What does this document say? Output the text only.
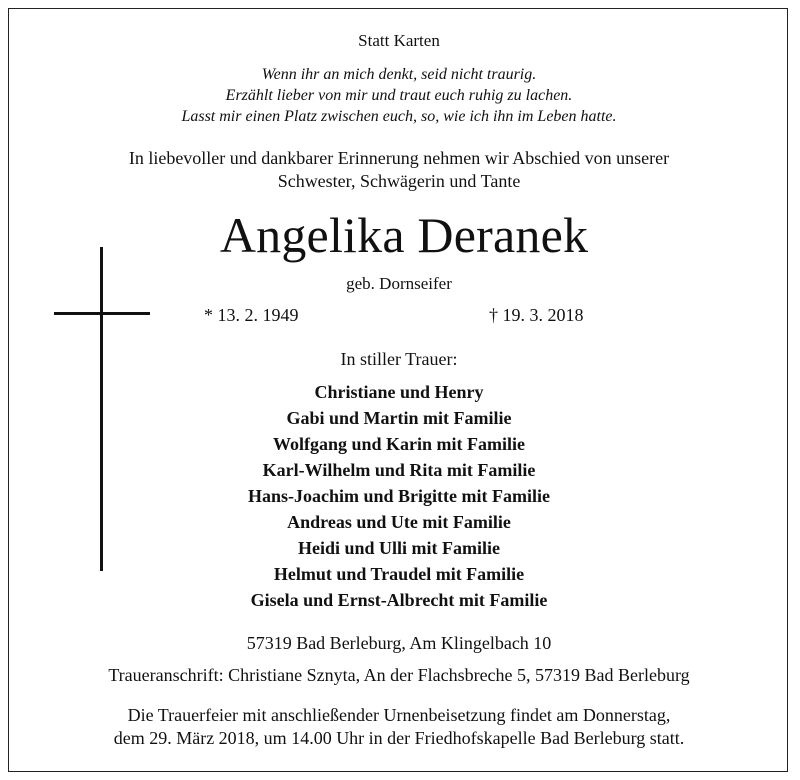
Statt Karten
Wenn ihr an mich denkt, seid nicht traurig.
Erzählt lieber von mir und traut euch ruhig zu lachen.
Lasst mir einen Platz zwischen euch, so, wie ich ihn im Leben hatte.
In liebevoller und dankbarer Erinnerung nehmen wir Abschied von unserer
Schwester, Schwägerin und Tante
Angelika Deranek
geb. Dornseifer
* 13. 2. 1949	† 19. 3. 2018
In stiller Trauer:
Christiane und Henry
Gabi und Martin mit Familie
Wolfgang und Karin mit Familie
Karl-Wilhelm und Rita mit Familie
Hans-Joachim und Brigitte mit Familie
Andreas und Ute mit Familie
Heidi und Ulli mit Familie
Helmut und Traudel mit Familie
Gisela und Ernst-Albrecht mit Familie
57319 Bad Berleburg, Am Klingelbach 10
Traueranschrift: Christiane Sznyta, An der Flachsbreche 5, 57319 Bad Berleburg
Die Trauerfeier mit anschließender Urnenbeisetzung findet am Donnerstag,
dem 29. März 2018, um 14.00 Uhr in der Friedhofskapelle Bad Berleburg statt.
